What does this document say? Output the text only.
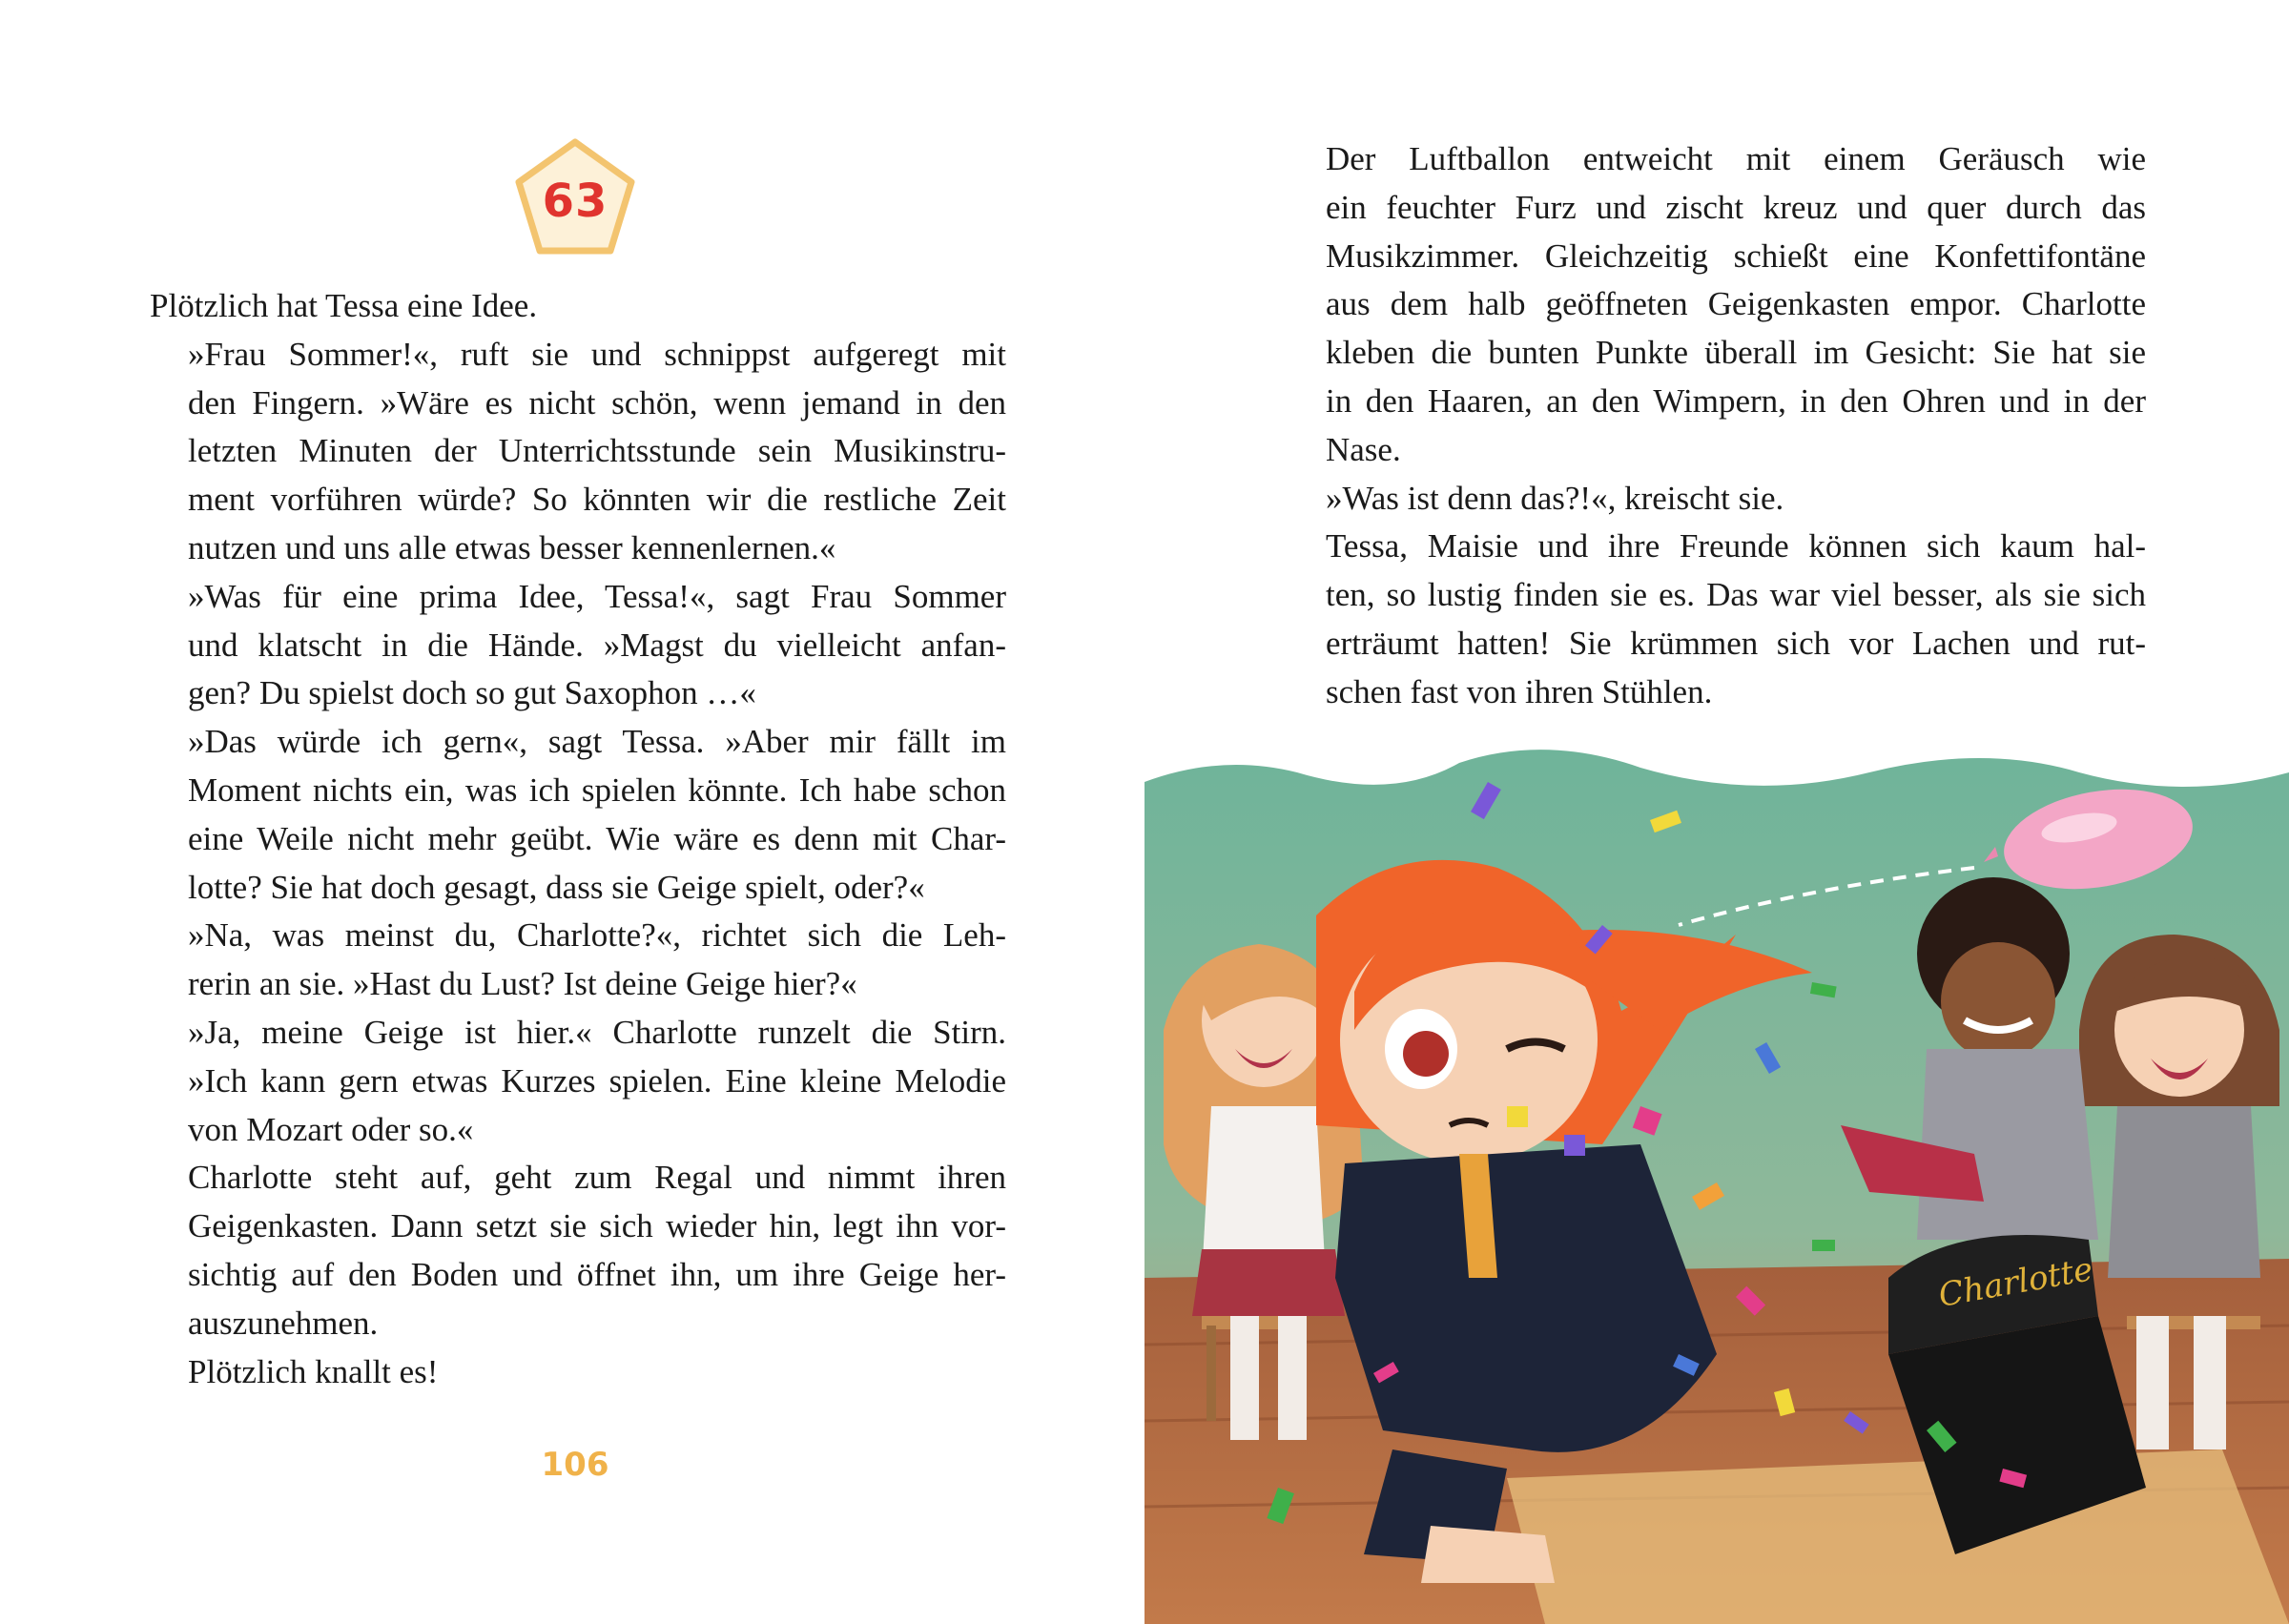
63

Plötzlich hat Tessa eine Idee.

»Frau Sommer!«, ruft sie und schnippst aufgeregt mit
den Fingern. »Wäre es nicht schön, wenn jemand in den
letzten Minuten der Unterrichtsstunde sein Musikinstru-
ment vorführen würde? So könnten wir die restliche Zeit
nutzen und uns alle etwas besser kennenlernen.«

»Was für eine prima Idee, Tessa!«, sagt Frau Sommer
und klatscht in die Hände. »Magst du vielleicht anfan-
gen? Du spielst doch so gut Saxophon …«

»Das würde ich gern«, sagt Tessa. »Aber mir fällt im
Moment nichts ein, was ich spielen könnte. Ich habe schon
eine Weile nicht mehr geübt. Wie wäre es denn mit Char-
lotte? Sie hat doch gesagt, dass sie Geige spielt, oder?«

»Na, was meinst du, Charlotte?«, richtet sich die Leh-
rerin an sie. »Hast du Lust? Ist deine Geige hier?«

»Ja, meine Geige ist hier.« Charlotte runzelt die Stirn.
»Ich kann gern etwas Kurzes spielen. Eine kleine Melodie
von Mozart oder so.«

Charlotte steht auf, geht zum Regal und nimmt ihren
Geigenkasten. Dann setzt sie sich wieder hin, legt ihn vor-
sichtig auf den Boden und öffnet ihn, um ihre Geige her-
auszunehmen.

Plötzlich knallt es!

106

Der Luftballon entweicht mit einem Geräusch wie
ein feuchter Furz und zischt kreuz und quer durch das
Musikzimmer. Gleichzeitig schießt eine Konfettifontäne
aus dem halb geöffneten Geigenkasten empor. Charlotte
kleben die bunten Punkte überall im Gesicht: Sie hat sie
in den Haaren, an den Wimpern, in den Ohren und in der
Nase.

»Was ist denn das?!«, kreischt sie.

Tessa, Maisie und ihre Freunde können sich kaum hal-
ten, so lustig finden sie es. Das war viel besser, als sie sich
erträumt hatten! Sie krümmen sich vor Lachen und rut-
schen fast von ihren Stühlen.

Charlotte
